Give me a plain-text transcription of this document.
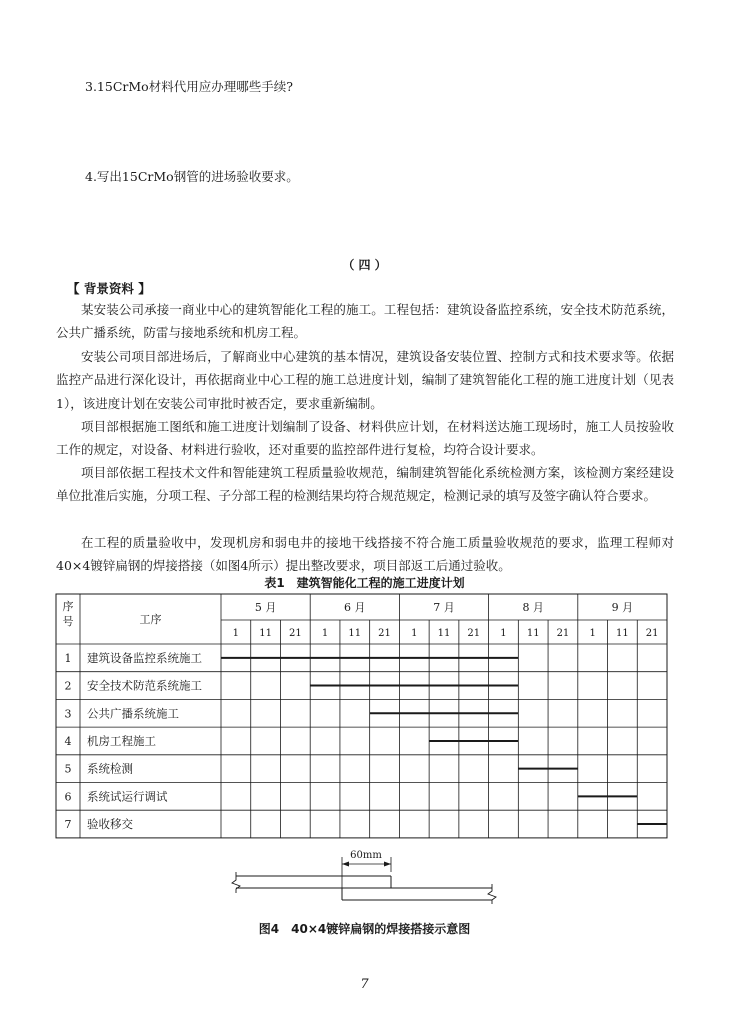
3.15CrMo材料代用应办理哪些手续?
4.写出15CrMo钢管的进场验收要求。
（ 四 ）
【 背景资料 】

某安装公司承接一商业中心的建筑智能化工程的施工。工程包括：建筑设备监控系统，安全技术防范系统，公共广播系统，防雷与接地系统和机房工程。

安装公司项目部进场后，了解商业中心建筑的基本情况，建筑设备安装位置、控制方式和技术要求等。依据监控产品进行深化设计，再依据商业中心工程的施工总进度计划，编制了建筑智能化工程的施工进度计划（见表1），该进度计划在安装公司审批时被否定，要求重新编制。

项目部根据施工图纸和施工进度计划编制了设备、材料供应计划，在材料送达施工现场时，施工人员按验收工作的规定，对设备、材料进行验收，还对重要的监控部件进行复检，均符合设计要求。

项目部依据工程技术文件和智能建筑工程质量验收规范，编制建筑智能化系统检测方案，该检测方案经建设单位批准后实施，分项工程、子分部工程的检测结果均符合规范规定，检测记录的填写及签字确认符合要求。

在工程的质量验收中，发现机房和弱电井的接地干线搭接不符合施工质量验收规范的要求，监理工程师对40×4镀锌扁钢的焊接搭接（如图4所示）提出整改要求，项目部返工后通过验收。

表1　建筑智能化工程的施工进度计划
序
号	工序
5 月
1 11 21
6 月
1 11 21
7 月
1 11 21
8 月
1 11 21
9 月
1 11 21
1 建筑设备监控系统施工
2 安全技术防范系统施工
3 公共广播系统施工
4 机房工程施工
5 系统检测
6 系统试运行调试
7 验收移交
60mm
图4　40×4镀锌扁钢的焊接搭接示意图
7
